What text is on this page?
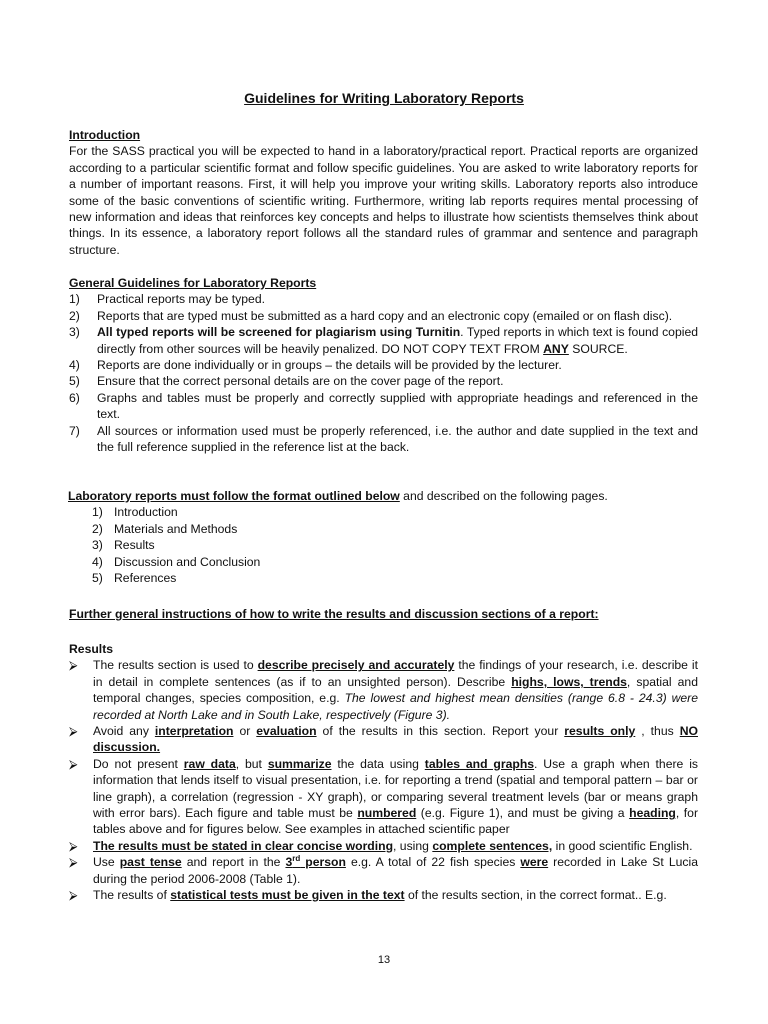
Guidelines for Writing Laboratory Reports
Introduction
For the SASS practical you will be expected to hand in a laboratory/practical report. Practical reports are organized according to a particular scientific format and follow specific guidelines. You are asked to write laboratory reports for a number of important reasons. First, it will help you improve your writing skills. Laboratory reports also introduce some of the basic conventions of scientific writing. Furthermore, writing lab reports requires mental processing of new information and ideas that reinforces key concepts and helps to illustrate how scientists themselves think about things. In its essence, a laboratory report follows all the standard rules of grammar and sentence and paragraph structure.
General Guidelines for Laboratory Reports
1) Practical reports may be typed.
2) Reports that are typed must be submitted as a hard copy and an electronic copy (emailed or on flash disc).
3) All typed reports will be screened for plagiarism using Turnitin. Typed reports in which text is found copied directly from other sources will be heavily penalized. DO NOT COPY TEXT FROM ANY SOURCE.
4) Reports are done individually or in groups – the details will be provided by the lecturer.
5) Ensure that the correct personal details are on the cover page of the report.
6) Graphs and tables must be properly and correctly supplied with appropriate headings and referenced in the text.
7) All sources or information used must be properly referenced, i.e. the author and date supplied in the text and the full reference supplied in the reference list at the back.
Laboratory reports must follow the format outlined below and described on the following pages.
1) Introduction
2) Materials and Methods
3) Results
4) Discussion and Conclusion
5) References
Further general instructions of how to write the results and discussion sections of a report:
Results
⮚ The results section is used to describe precisely and accurately the findings of your research, i.e. describe it in detail in complete sentences (as if to an unsighted person). Describe highs, lows, trends, spatial and temporal changes, species composition, e.g. The lowest and highest mean densities (range 6.8 - 24.3) were recorded at North Lake and in South Lake, respectively (Figure 3).
⮚ Avoid any interpretation or evaluation of the results in this section. Report your results only , thus NO discussion.
⮚ Do not present raw data, but summarize the data using tables and graphs. Use a graph when there is information that lends itself to visual presentation, i.e. for reporting a trend (spatial and temporal pattern – bar or line graph), a correlation (regression - XY graph), or comparing several treatment levels (bar or means graph with error bars). Each figure and table must be numbered (e.g. Figure 1), and must be giving a heading, for tables above and for figures below. See examples in attached scientific paper
⮚ The results must be stated in clear concise wording, using complete sentences, in good scientific English.
⮚ Use past tense and report in the 3rd person e.g. A total of 22 fish species were recorded in Lake St Lucia during the period 2006-2008 (Table 1).
⮚ The results of statistical tests must be given in the text of the results section, in the correct format.. E.g.
13
